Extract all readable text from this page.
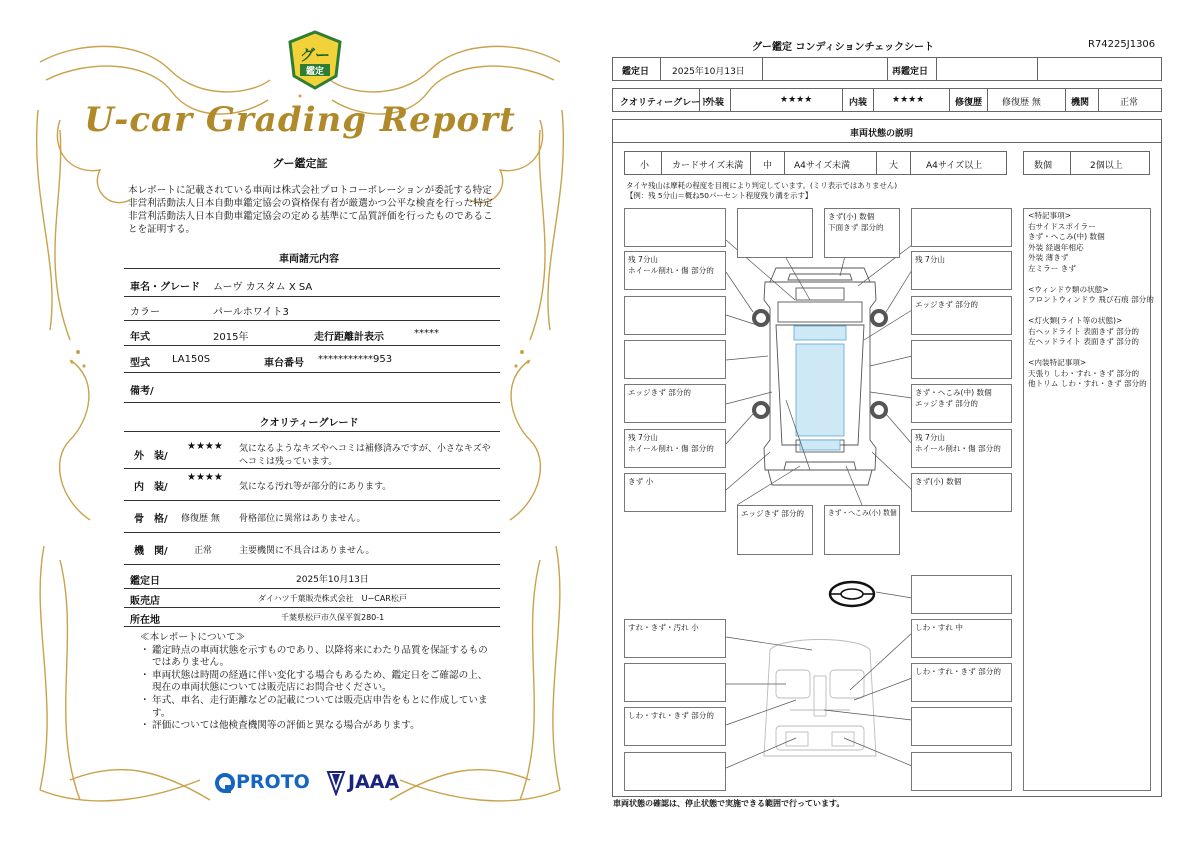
グー
鑑定
U-car Grading Report
グー鑑定証
本レポートに記載されている車両は株式会社プロトコーポレーションが委託する特定非営利活動法人日本自動車鑑定協会の資格保有者が厳選かつ公平な検査を行った特定非営利活動法人日本自動車鑑定協会の定める基準にて品質評価を行ったものであることを証明する。
車両諸元内容
車名・グレード ムーヴ カスタム X SA
カラー	パールホワイト3
年式	2015年	走行距離計表示	*****
型式 LA150S	車台番号 ***********953
備考/
クオリティーグレード
外　装/
★★★★ 気になるようなキズやヘコミは補修済みですが、小さなキズや
ヘコミは残っています。
内　装/
★★★★
気になる汚れ等が部分的にあります。
骨　格/ 修復歴 無 骨格部位に異常はありません。
機　関/	正常	主要機関に不具合はありません。
鑑定日	2025年10月13日
販売店	ダイハツ千葉販売株式会社　U−CAR松戸
所在地	千葉県松戸市久保平賀280-1
≪本レポートについて≫
・ 鑑定時点の車両状態を示すものであり、以降将来にわたり品質を保証するものではありません。
・ 車両状態は時間の経過に伴い変化する場合もあるため、鑑定日をご確認の上、現在の車両状態については販売店にお問合せください。
・ 年式、車名、走行距離などの記載については販売店申告をもとに作成しています。
・ 評価については他検査機関等の評価と異なる場合があります。
PROTO JAAA
グー鑑定 コンディションチェックシート	R74225J1306
鑑定日	2025年10月13日	再鑑定日
クオリティーグレード
外装	★★★★	内装	★★★★	修復歴 修復歴 無	機関	正常
車両状態の説明
小	カードサイズ未満 中 A4サイズ未満	大	A4サイズ以上	数個	2個以上
タイヤ残山は摩耗の程度を目視により判定しています。(ミリ表示ではありません)
【例：残 5分山＝概ね50パーセント程度残り溝を示す】
きず(小) 数個
下面きず 部分的
残 7分山
ホイール削れ・傷 部分的
残 7分山
エッジきず 部分的
エッジきず 部分的	きず・へこみ(中) 数個
エッジきず 部分的
残 7分山
ホイール削れ・傷 部分的
残 7分山
ホイール削れ・傷 部分的
きず 小	きず(小) 数個
エッジきず 部分的	きず・へこみ(小) 数個
すれ・きず・汚れ 小	しわ・すれ 中
しわ・すれ・きず 部分的
しわ・すれ・きず 部分的
<特記事項>
右サイドスポイラー
きず・へこみ(中) 数個
外装 経過年相応
外装 薄きず
左ミラー きず
<ウィンドウ類の状態>
フロントウィンドウ 飛び石痕 部分的
<灯火類(ライト等の状態)>
右ヘッドライト 表面きず 部分的
左ヘッドライト 表面きず 部分的
<内装特記事項>
天張り しわ・すれ・きず 部分的
他トリム しわ・すれ・きず 部分的
車両状態の確認は、停止状態で実施できる範囲で行っています。
